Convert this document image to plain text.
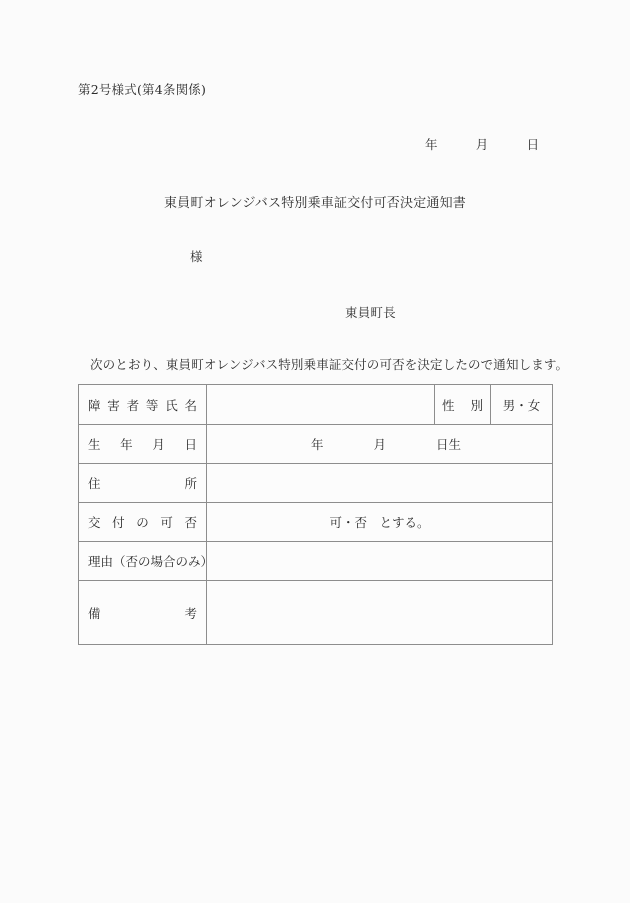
第2号様式(第4条関係)
年　　　月　　　日
東員町オレンジバス特別乗車証交付可否決定通知書
様
東員町長
次のとおり、東員町オレンジバス特別乗車証交付の可否を決定したので通知します。
障害者等氏名		性別	男・女
生年月日	年　　　　月　　　　日生		
住所			
交付の可否	可・否　とする。		
理由（否の場合のみ）			
備考			
